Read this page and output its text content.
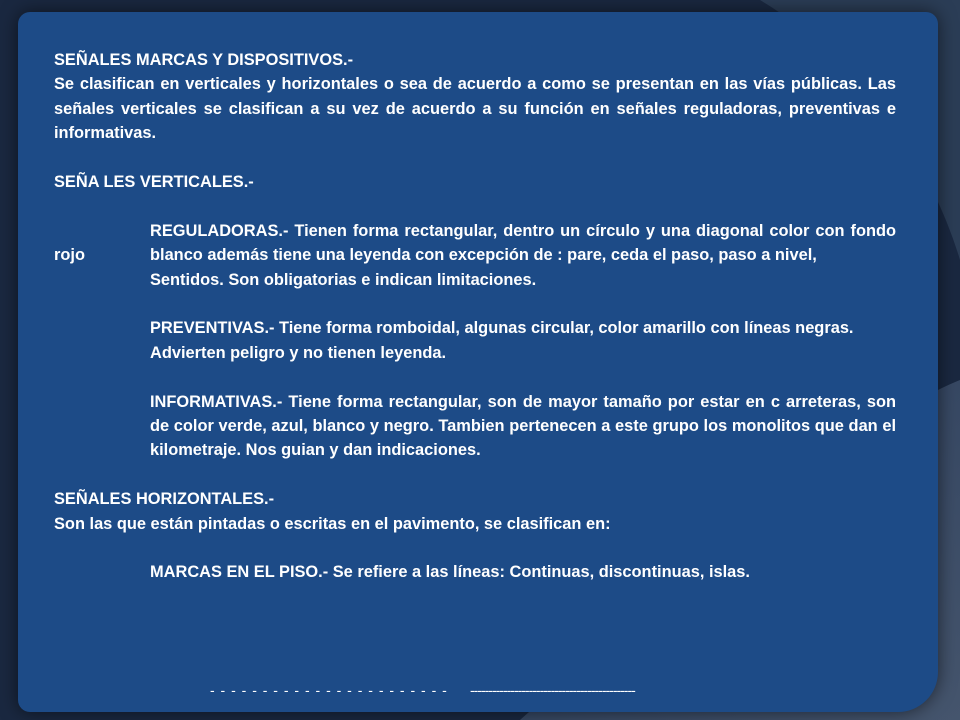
SEÑALES MARCAS Y DISPOSITIVOS.-

Se clasifican en verticales y horizontales o sea de acuerdo a como se presentan en las vías públicas. Las señales verticales se clasifican a su vez de acuerdo a su función en señales reguladoras, preventivas e informativas.

SEÑA LES VERTICALES.-

rojo
REGULADORAS.- Tienen forma rectangular, dentro un círculo y una diagonal color con fondo blanco además tiene una leyenda con excepción de : pare, ceda el paso, paso a nivel,

Sentidos. Son obligatorias e indican limitaciones.

PREVENTIVAS.- Tiene forma romboidal, algunas circular, color amarillo con líneas negras.

Advierten peligro y no tienen leyenda.

INFORMATIVAS.- Tiene forma rectangular, son de mayor tamaño por estar en c arreteras, son de color verde, azul, blanco y negro. Tambien pertenecen a este grupo los monolitos que dan el kilometraje. Nos guian y dan indicaciones.

SEÑALES HORIZONTALES.-

Son las que están pintadas o escritas en el pavimento, se clasifican en:

MARCAS EN EL PISO.- Se refiere a las líneas: Continuas, discontinuas, islas.

- - - - - - - - - - - - - - - - - - - - - - - ---------------------------------------------
